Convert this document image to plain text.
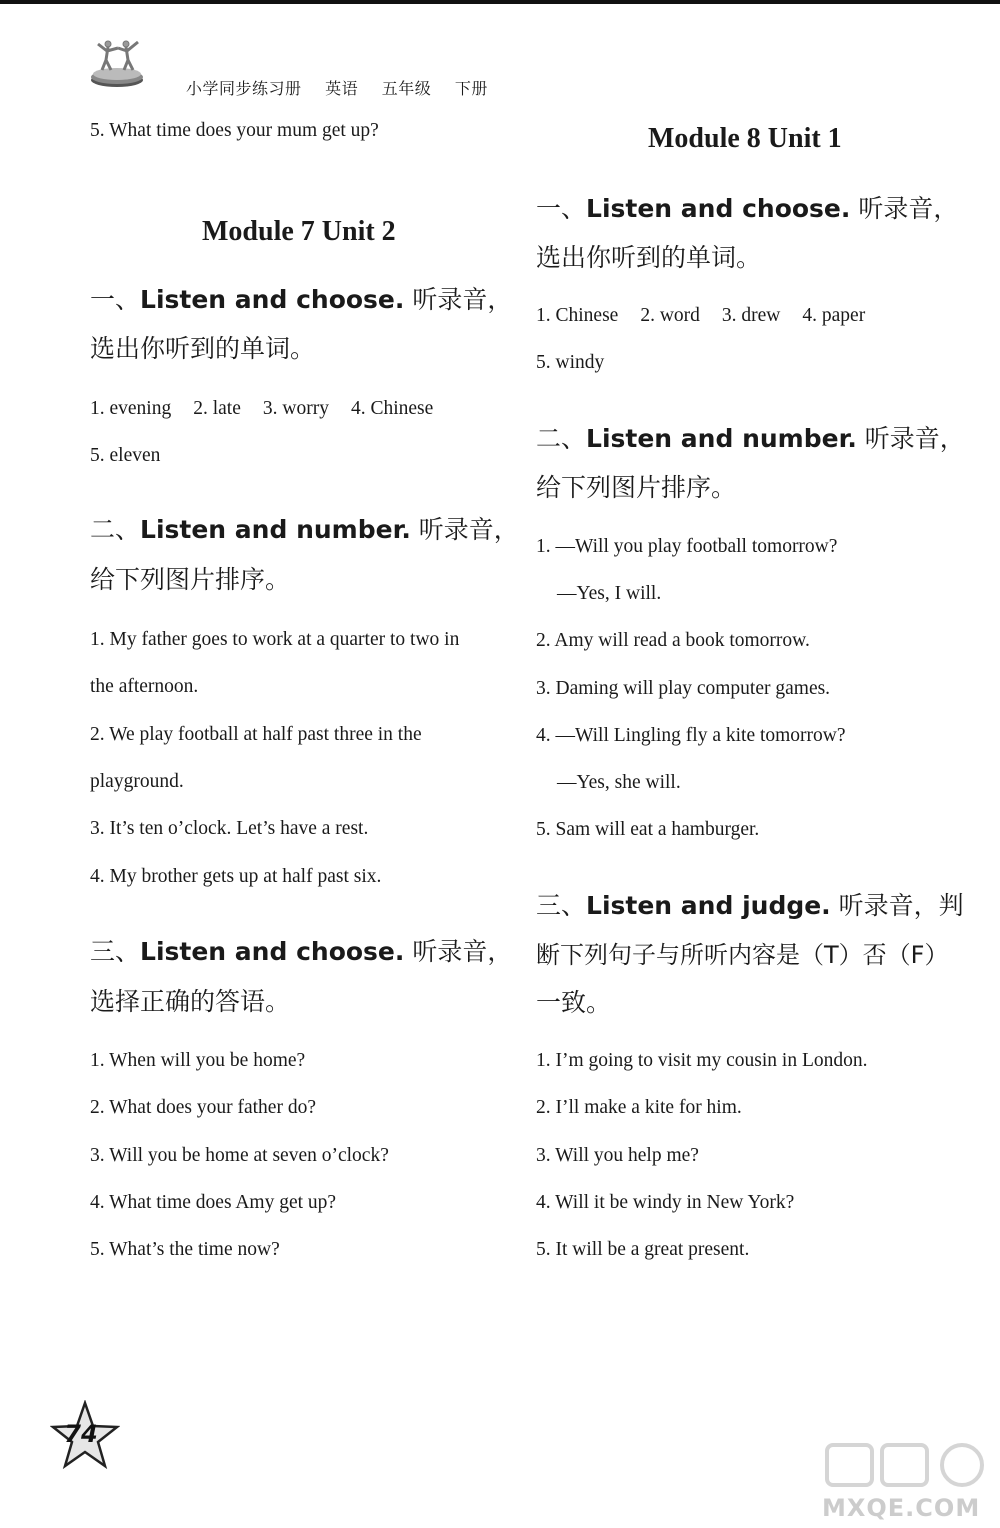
小学同步练习册 英语 五年级 下册
5. What time does your mum get up?
Module 7 Unit 2
一、Listen and choose. 听录音，
选出你听到的单词。
1. evening 2. late 3. worry 4. Chinese
5. eleven
二、Listen and number. 听录音，
给下列图片排序。
1. My father goes to work at a quarter to two in
the afternoon.
2. We play football at half past three in the
playground.
3. It’s ten o’clock. Let’s have a rest.
4. My brother gets up at half past six.
三、Listen and choose. 听录音，
选择正确的答语。
1. When will you be home?
2. What does your father do?
3. Will you be home at seven o’clock?
4. What time does Amy get up?
5. What’s the time now?
Module 8 Unit 1
一、Listen and choose. 听录音，
选出你听到的单词。
1. Chinese 2. word 3. drew 4. paper
5. windy
二、Listen and number. 听录音，
给下列图片排序。
1. —Will you play football tomorrow?
—Yes, I will.
2. Amy will read a book tomorrow.
3. Daming will play computer games.
4. —Will Lingling fly a kite tomorrow?
—Yes, she will.
5. Sam will eat a hamburger.
三、Listen and judge. 听录音，判
断下列句子与所听内容是（T）否（F）
一致。
1. I’m going to visit my cousin in London.
2. I’ll make a kite for him.
3. Will you help me?
4. Will it be windy in New York?
5. It will be a great present.
74
MXQE.COM
